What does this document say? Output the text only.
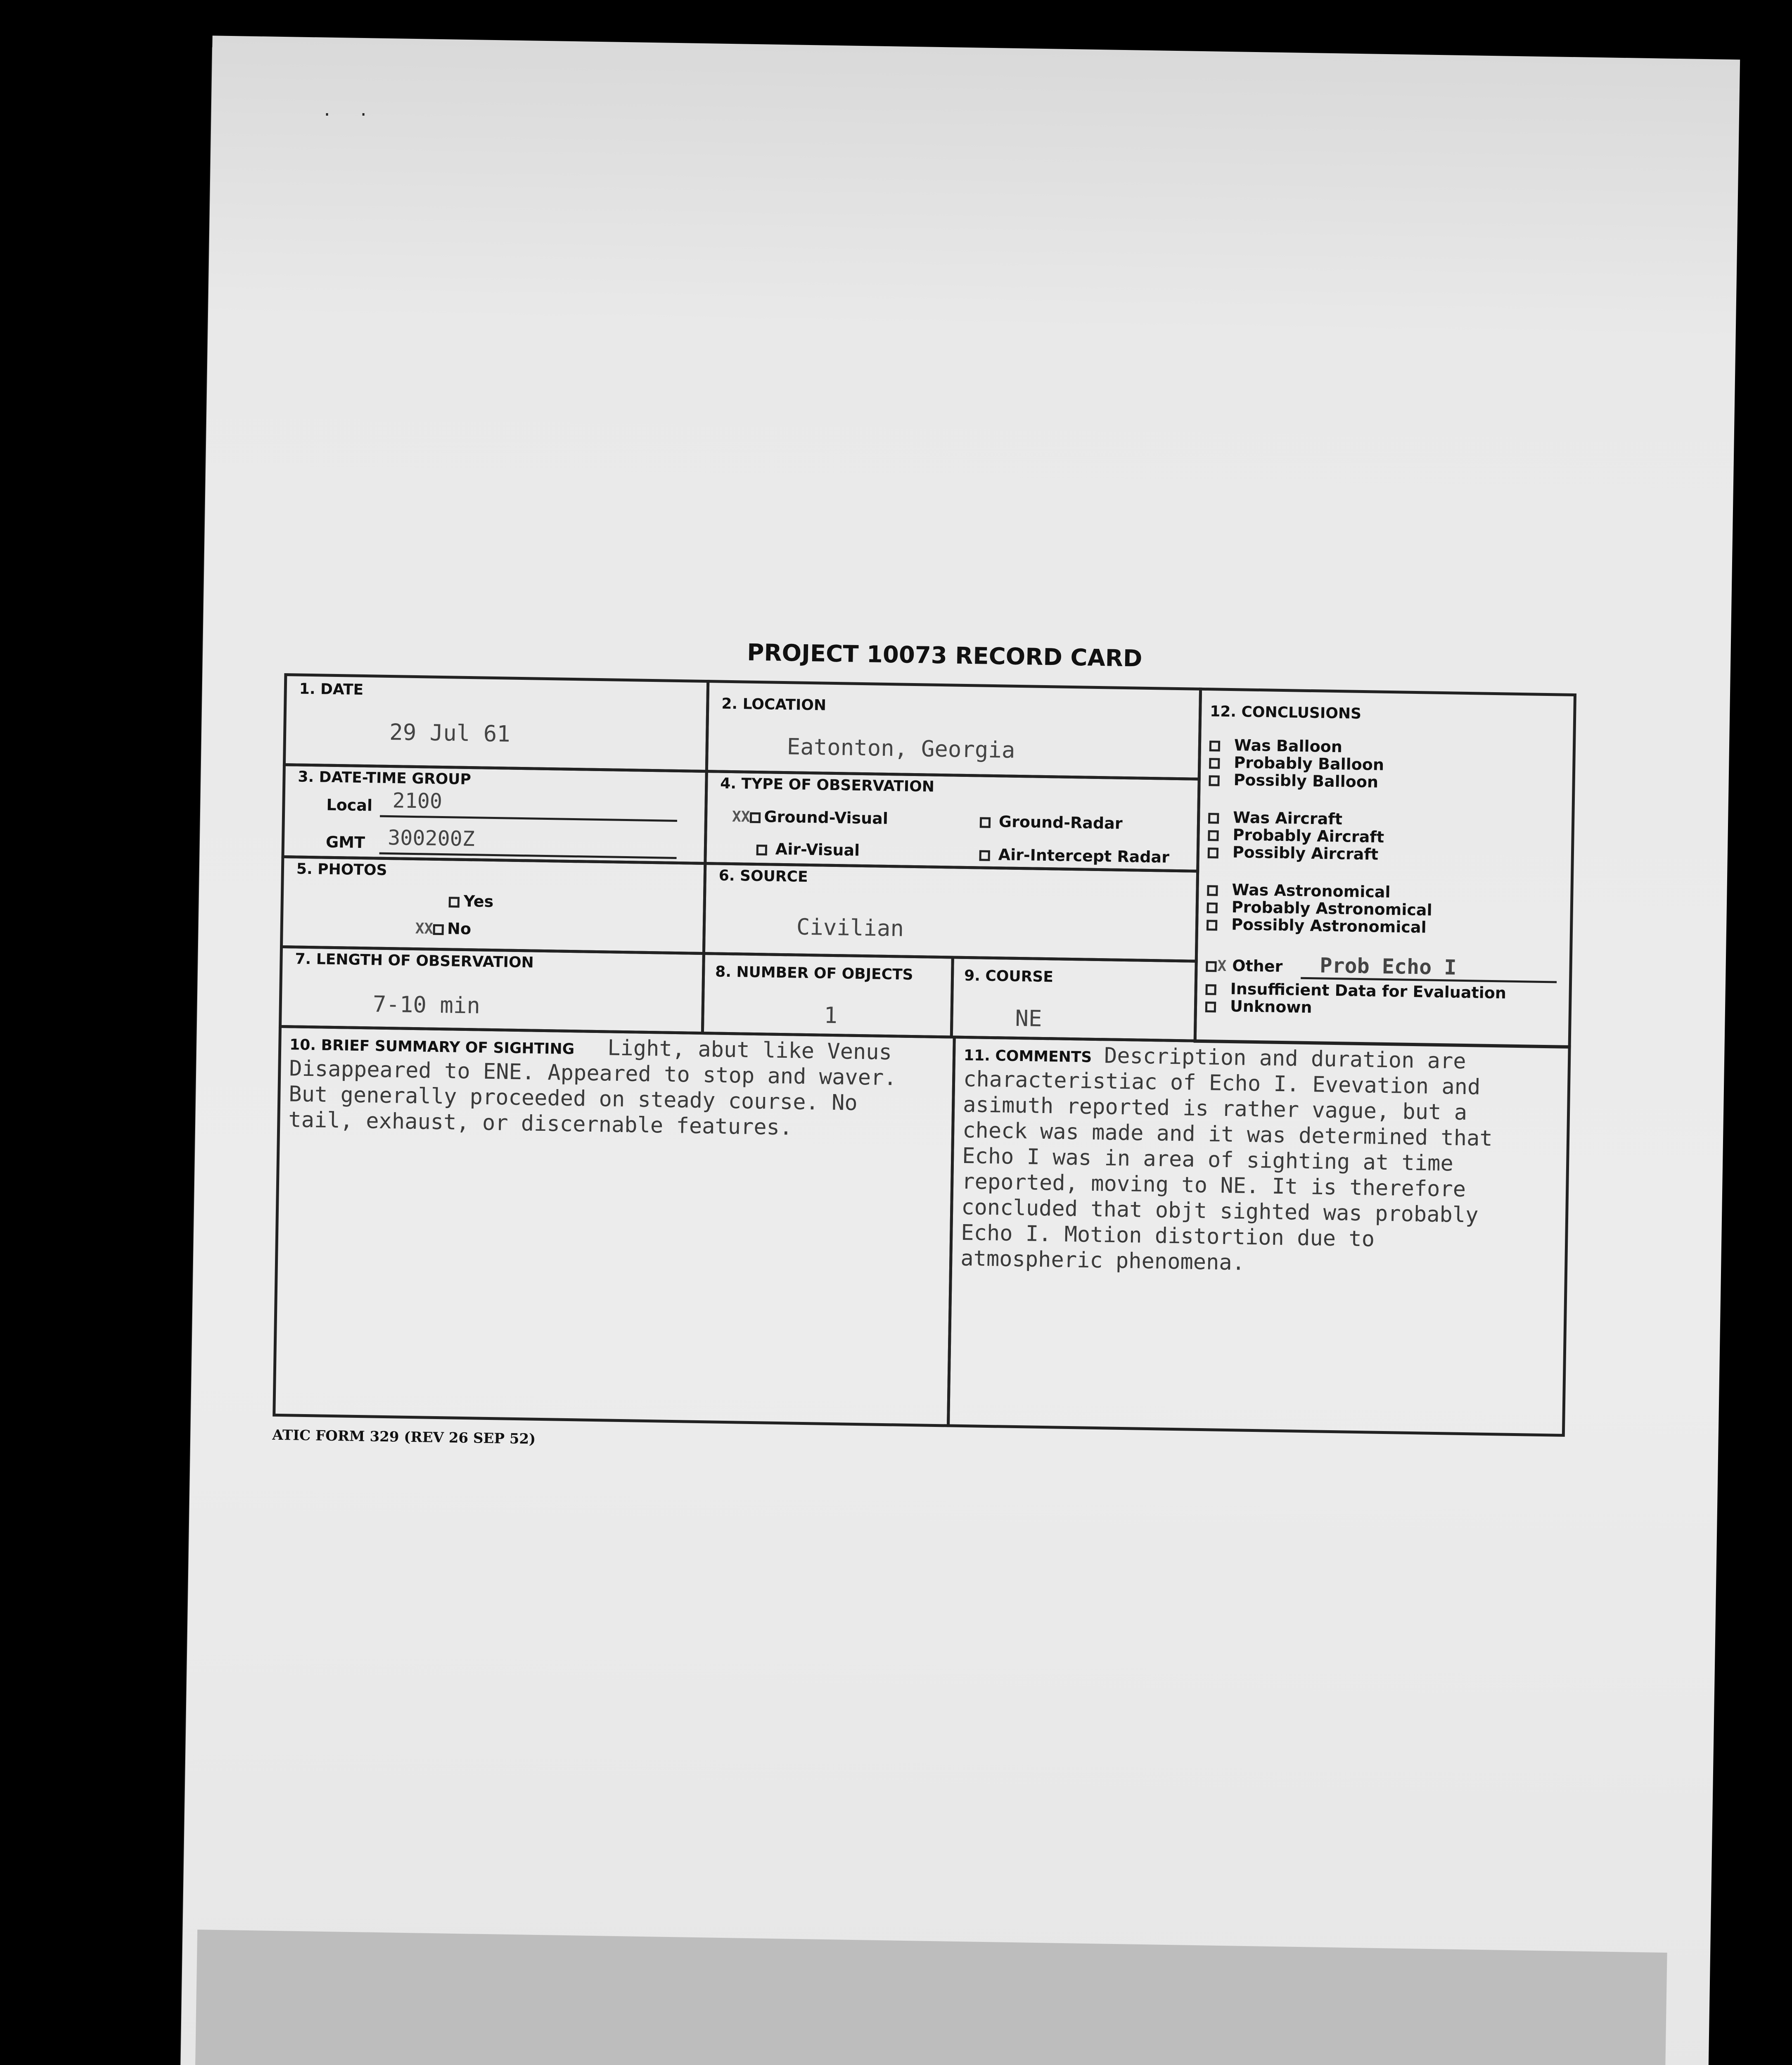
· ·
PROJECT 10073 RECORD CARD
1. DATE
29 Jul 61
2. LOCATION
Eatonton, Georgia
3. DATE-TIME GROUP
Local 2100
GMT 300200Z
4. TYPE OF OBSERVATION
XX Ground-Visual	Ground-Radar
Air-Visual	Air-Intercept Radar
5. PHOTOS
Yes
XX No
6. SOURCE
Civilian
7. LENGTH OF OBSERVATION
7-10 min
8. NUMBER OF OBJECTS
1
9. COURSE
NE
12. CONCLUSIONS
Was Balloon
Probably Balloon
Possibly Balloon
Was Aircraft
Probably Aircraft
Possibly Aircraft
Was Astronomical
Probably Astronomical
Possibly Astronomical
X Other Prob Echo I
Insufficient Data for Evaluation
Unknown
10. BRIEF SUMMARY OF SIGHTING Light, abut like Venus
Disappeared to ENE. Appeared to stop and waver.
But generally proceeded on steady course. No
tail, exhaust, or discernable features.
11. COMMENTS Description and duration are
characteristiac of Echo I. Evevation and
asimuth reported is rather vague, but a
check was made and it was determined that
Echo I was in area of sighting at time
reported, moving to NE. It is therefore
concluded that objt sighted was probably
Echo I. Motion distortion due to
atmospheric phenomena.
ATIC FORM 329 (REV 26 SEP 52)
